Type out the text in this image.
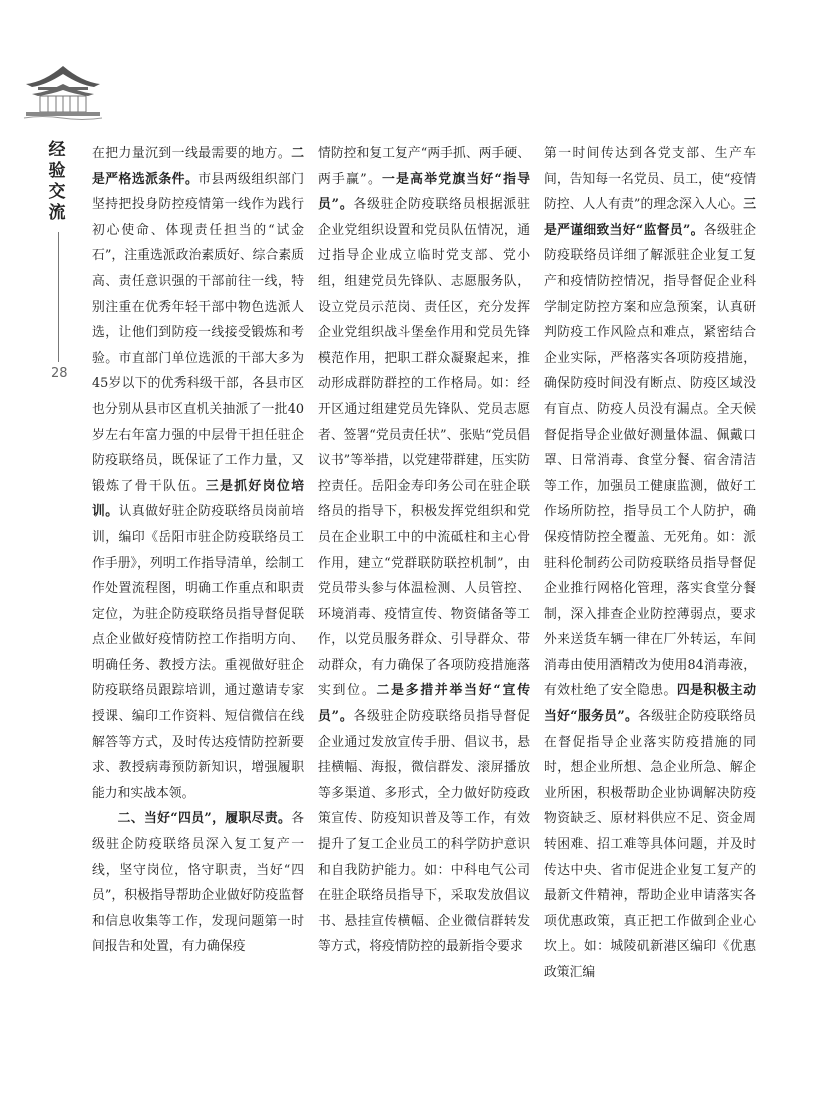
经验交流
28

在把力量沉到一线最需要的地方。二是严格选派条件。市县两级组织部门坚持把投身防控疫情第一线作为践行初心使命、体现责任担当的“试金石”，注重选派政治素质好、综合素质高、责任意识强的干部前往一线，特别注重在优秀年轻干部中物色选派人选，让他们到防疫一线接受锻炼和考验。市直部门单位选派的干部大多为45岁以下的优秀科级干部，各县市区也分别从县市区直机关抽派了一批40岁左右年富力强的中层骨干担任驻企防疫联络员，既保证了工作力量，又锻炼了骨干队伍。三是抓好岗位培训。认真做好驻企防疫联络员岗前培训，编印《岳阳市驻企防疫联络员工作手册》，列明工作指导清单，绘制工作处置流程图，明确工作重点和职责定位，为驻企防疫联络员指导督促联点企业做好疫情防控工作指明方向、明确任务、教授方法。重视做好驻企防疫联络员跟踪培训，通过邀请专家授课、编印工作资料、短信微信在线解答等方式，及时传达疫情防控新要求、教授病毒预防新知识，增强履职能力和实战本领。

二、当好“四员”，履职尽责。各级驻企防疫联络员深入复工复产一线，坚守岗位，恪守职责，当好“四员”，积极指导帮助企业做好防疫监督和信息收集等工作，发现问题第一时间报告和处置，有力确保疫

情防控和复工复产“两手抓、两手硬、两手赢”。一是高举党旗当好“指导员”。各级驻企防疫联络员根据派驻企业党组织设置和党员队伍情况，通过指导企业成立临时党支部、党小组，组建党员先锋队、志愿服务队，设立党员示范岗、责任区，充分发挥企业党组织战斗堡垒作用和党员先锋模范作用，把职工群众凝聚起来，推动形成群防群控的工作格局。如：经开区通过组建党员先锋队、党员志愿者、签署“党员责任状”、张贴“党员倡议书”等举措，以党建带群建，压实防控责任。岳阳金寿印务公司在驻企联络员的指导下，积极发挥党组织和党员在企业职工中的中流砥柱和主心骨作用，建立“党群联防联控机制”，由党员带头参与体温检测、人员管控、环境消毒、疫情宣传、物资储备等工作，以党员服务群众、引导群众、带动群众，有力确保了各项防疫措施落实到位。二是多措并举当好“宣传员”。各级驻企防疫联络员指导督促企业通过发放宣传手册、倡议书，悬挂横幅、海报，微信群发、滚屏播放等多渠道、多形式，全力做好防疫政策宣传、防疫知识普及等工作，有效提升了复工企业员工的科学防护意识和自我防护能力。如：中科电气公司在驻企联络员指导下，采取发放倡议书、悬挂宣传横幅、企业微信群转发等方式，将疫情防控的最新指令要求

第一时间传达到各党支部、生产车间，告知每一名党员、员工，使“疫情防控、人人有责”的理念深入人心。三是严谨细致当好“监督员”。各级驻企防疫联络员详细了解派驻企业复工复产和疫情防控情况，指导督促企业科学制定防控方案和应急预案，认真研判防疫工作风险点和难点，紧密结合企业实际，严格落实各项防疫措施，确保防疫时间没有断点、防疫区域没有盲点、防疫人员没有漏点。全天候督促指导企业做好测量体温、佩戴口罩、日常消毒、食堂分餐、宿舍清洁等工作，加强员工健康监测，做好工作场所防控，指导员工个人防护，确保疫情防控全覆盖、无死角。如：派驻科伦制药公司防疫联络员指导督促企业推行网格化管理，落实食堂分餐制，深入排查企业防控薄弱点，要求外来送货车辆一律在厂外转运，车间消毒由使用酒精改为使用84消毒液，有效杜绝了安全隐患。四是积极主动当好“服务员”。各级驻企防疫联络员在督促指导企业落实防疫措施的同时，想企业所想、急企业所急、解企业所困，积极帮助企业协调解决防疫物资缺乏、原材料供应不足、资金周转困难、招工难等具体问题，并及时传达中央、省市促进企业复工复产的最新文件精神，帮助企业申请落实各项优惠政策，真正把工作做到企业心坎上。如：城陵矶新港区编印《优惠政策汇编
